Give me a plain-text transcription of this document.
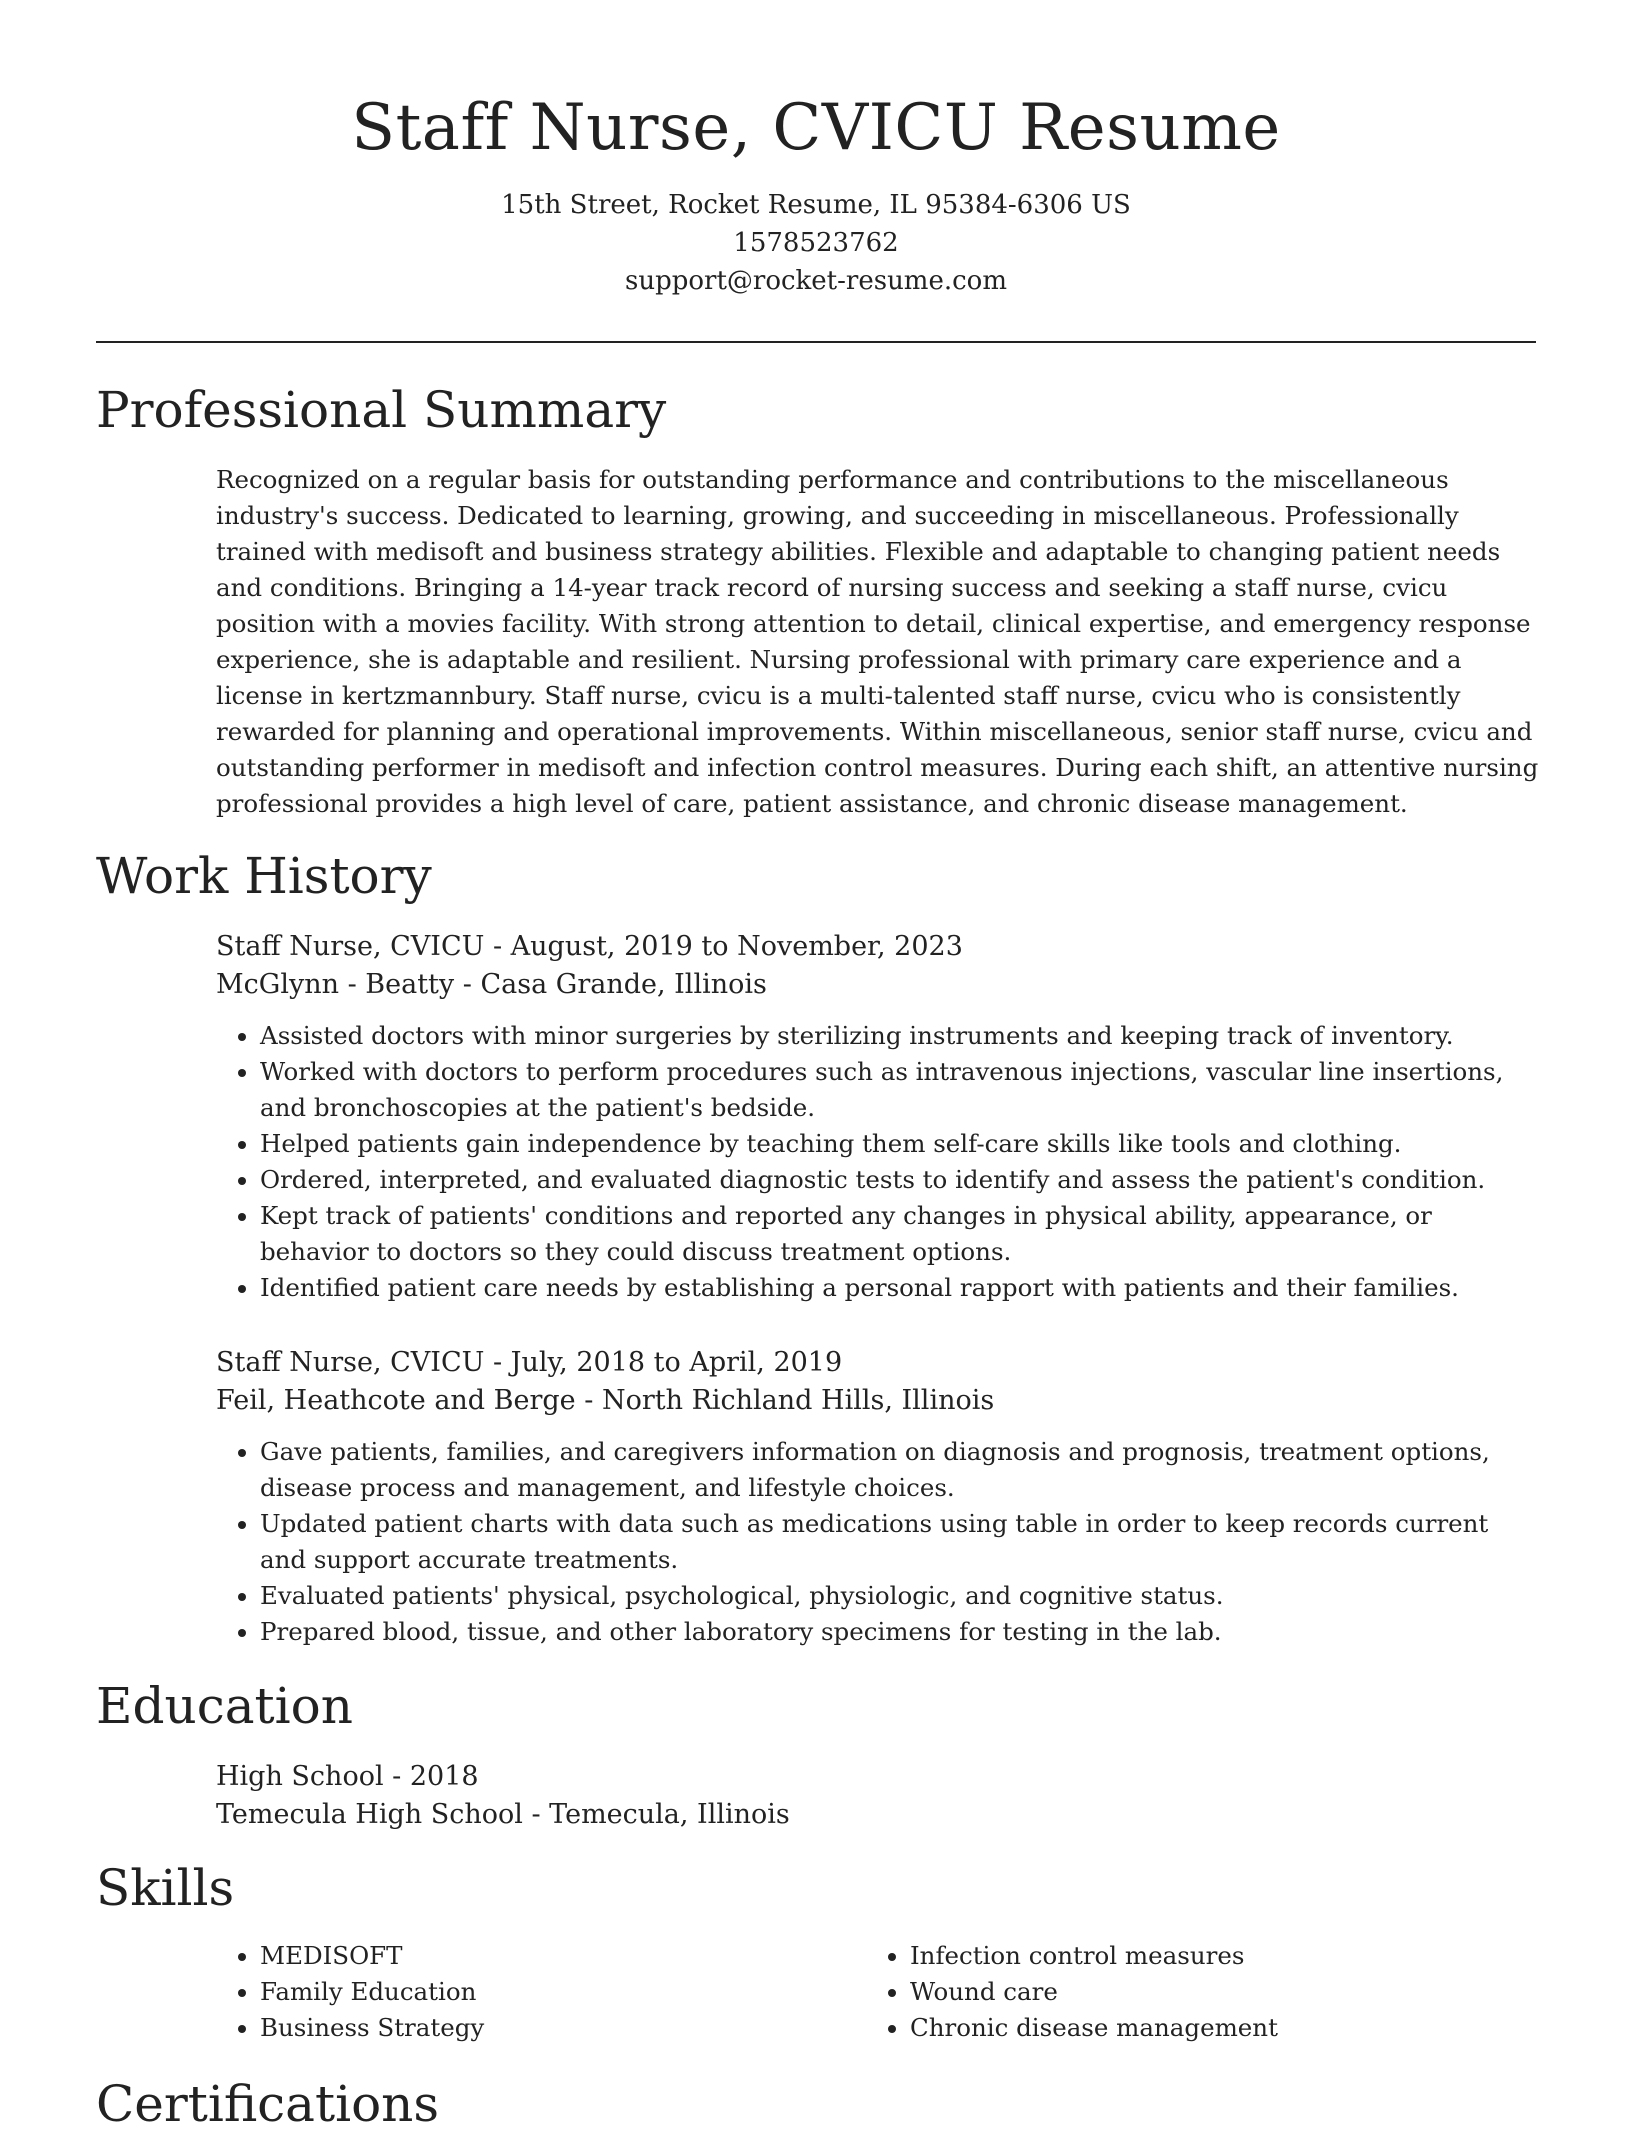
Staff Nurse, CVICU Resume
15th Street, Rocket Resume, IL 95384-6306 US
1578523762
support@rocket-resume.com
Professional Summary

Recognized on a regular basis for outstanding performance and contributions to the miscellaneous industry's success. Dedicated to learning, growing, and succeeding in miscellaneous. Professionally trained with medisoft and business strategy abilities. Flexible and adaptable to changing patient needs and conditions. Bringing a 14-year track record of nursing success and seeking a staff nurse, cvicu position with a movies facility. With strong attention to detail, clinical expertise, and emergency response experience, she is adaptable and resilient. Nursing professional with primary care experience and a license in kertzmannbury. Staff nurse, cvicu is a multi-talented staff nurse, cvicu who is consistently rewarded for planning and operational improvements. Within miscellaneous, senior staff nurse, cvicu and outstanding performer in medisoft and infection control measures. During each shift, an attentive nursing professional provides a high level of care, patient assistance, and chronic disease management.

Work History
Staff Nurse, CVICU - August, 2019 to November, 2023
McGlynn - Beatty - Casa Grande, Illinois
• Assisted doctors with minor surgeries by sterilizing instruments and keeping track of inventory.
• Worked with doctors to perform procedures such as intravenous injections, vascular line insertions, and bronchoscopies at the patient's bedside.
• Helped patients gain independence by teaching them self-care skills like tools and clothing.
• Ordered, interpreted, and evaluated diagnostic tests to identify and assess the patient's condition.
• Kept track of patients' conditions and reported any changes in physical ability, appearance, or behavior to doctors so they could discuss treatment options.
• Identified patient care needs by establishing a personal rapport with patients and their families.
Staff Nurse, CVICU - July, 2018 to April, 2019
Feil, Heathcote and Berge - North Richland Hills, Illinois
• Gave patients, families, and caregivers information on diagnosis and prognosis, treatment options, disease process and management, and lifestyle choices.
• Updated patient charts with data such as medications using table in order to keep records current and support accurate treatments.
• Evaluated patients' physical, psychological, physiologic, and cognitive status.
• Prepared blood, tissue, and other laboratory specimens for testing in the lab.
Education
High School - 2018
Temecula High School - Temecula, Illinois
Skills
• MEDISOFT
• Family Education
• Business Strategy
• Infection control measures
• Wound care
• Chronic disease management
Certifications
